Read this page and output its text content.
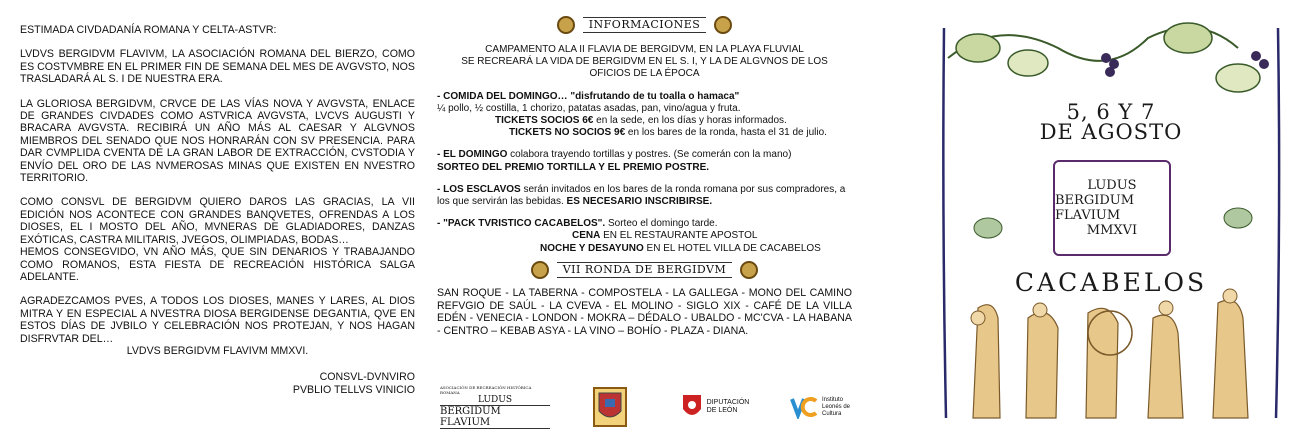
ESTIMADA CIVDADANÍA ROMANA Y CELTA-ASTVR:

LVDVS BERGIDVM FLAVIVM, LA ASOCIACIÓN ROMANA DEL BIERZO, COMO ES COSTVMBRE EN EL PRIMER FIN DE SEMANA DEL MES DE AVGVSTO, NOS TRASLADARÁ AL S. I DE NUESTRA ERA.

LA GLORIOSA BERGIDVM, CRVCE DE LAS VÍAS NOVA Y AVGVSTA, ENLACE DE GRANDES CIVDADES COMO ASTVRICA AVGVSTA, LVCVS AUGUSTI Y BRACARA AVGVSTA. RECIBIRÁ UN AÑO MÁS AL CAESAR Y ALGVNOS MIEMBROS DEL SENADO QUE NOS HONRARÁN CON SV PRESENCIA. PARA DAR CVMPLIDA CVENTA DE LA GRAN LABOR DE EXTRACCIÓN, CVSTODIA Y ENVÍO DEL ORO DE LAS NVMEROSAS MINAS QUE EXISTEN EN NVESTRO TERRITORIO.

COMO CONSVL DE BERGIDVM QUIERO DAROS LAS GRACIAS, LA VII EDICIÓN NOS ACONTECE CON GRANDES BANQVETES, OFRENDAS A LOS DIOSES, EL I MOSTO DEL AÑO, MVNERAS DE GLADIADORES, DANZAS EXÓTICAS, CASTRA MILITARIS, JVEGOS, OLIMPIADAS, BODAS…
HEMOS CONSEGVIDO, VN AÑO MÁS, QUE SIN DENARIOS Y TRABAJANDO COMO ROMANOS, ESTA FIESTA DE RECREACIÓN HISTÓRICA SALGA ADELANTE.

AGRADEZCAMOS PVES, A TODOS LOS DIOSES, MANES Y LARES, AL DIOS MITRA Y EN ESPECIAL A NVESTRA DIOSA BERGIDENSE DEGANTIA, QVE EN ESTOS DÍAS DE JVBILO Y CELEBRACIÓN NOS PROTEJAN, Y NOS HAGAN DISFRVTAR DEL…

LVDVS BERGIDVM FLAVIVM MMXVI.

CONSVL-DVNVIRO

PVBLIO TELLVS VINICIO

INFORMACIONES

CAMPAMENTO ALA II FLAVIA DE BERGIDVM, EN LA PLAYA FLUVIAL

SE RECREARÁ LA VIDA DE BERGIDVM EN EL S. I, Y LA DE ALGVNOS DE LOS

OFICIOS DE LA ÉPOCA

- COMIDA DEL DOMINGO… "disfrutando de tu toalla o hamaca"
¼ pollo, ½ costilla, 1 chorizo, patatas asadas, pan, vino/agua y fruta.
TICKETS SOCIOS 6€ en la sede, en los días y horas informados.
TICKETS NO SOCIOS 9€ en los bares de la ronda, hasta el 31 de julio.
- EL DOMINGO colabora trayendo tortillas y postres. (Se comerán con la mano)
SORTEO DEL PREMIO TORTILLA Y EL PREMIO POSTRE.
- LOS ESCLAVOS serán invitados en los bares de la ronda romana por sus compradores, a los que servirán las bebidas. ES NECESARIO INSCRIBIRSE.
- "PACK TVRISTICO CACABELOS". Sorteo el domingo tarde.
CENA EN EL RESTAURANTE APOSTOL
NOCHE Y DESAYUNO EN EL HOTEL VILLA DE CACABELOS
VII RONDA DE BERGIDVM

SAN ROQUE - LA TABERNA - COMPOSTELA - LA GALLEGA - MONO DEL CAMINO REFVGIO DE SAÚL - LA CVEVA - EL MOLINO - SIGLO XIX - CAFÉ DE LA VILLA EDÉN - VENECIA - LONDON - MOKRA – DÉDALO - UBALDO - MC'CVA - LA HABANA - CENTRO – KEBAB ASYA - LA VINO – BOHÍO - PLAZA - DIANA.

ASOCIACIÓN DE RECREACIÓN HISTÓRICA ROMANA
LUDUS
BERGIDUM FLAVIUM
DIPUTACIÓN
DE LEÓN
Instituto
Leonés de
Cultura
5, 6 Y 7
DE AGOSTO
LUDUS
BERGIDUM FLAVIUM
MMXVI
CACABELOS
